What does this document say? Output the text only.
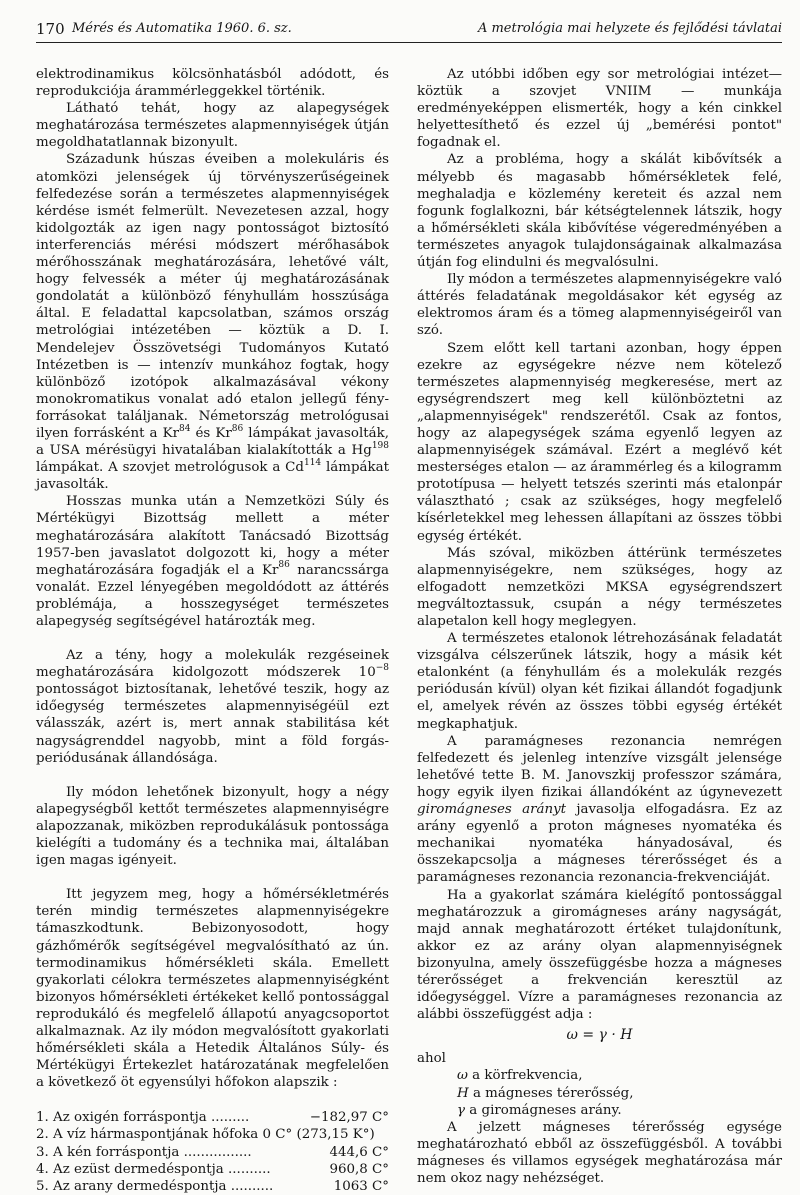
170 Mérés és Automatika 1960. 6. sz.	A metrológia mai helyzete és fejlődési távlatai

elektrodinamikus kölcsönhatásból adódott, és reprodukciója árammérleggekkel történik.

Látható tehát, hogy az alapegységek meghatározása természetes alapmennyiségek útján megoldhatatlannak bizonyult.

Századunk húszas éveiben a molekuláris és atomközi jelenségek új törvényszerűségeinek felfedezése során a természetes alapmennyiségek kérdése ismét felmerült. Nevezetesen azzal, hogy kidolgozták az igen nagy pontosságot biztosító interferenciás mérési módszert mérőhasábok mérőhosszának meghatározására, lehetővé vált, hogy felvessék a méter új meghatározásának gondolatát a különböző fényhullám hosszúsága által. E feladattal kapcsolatban, számos ország metrológiai intézetében — köztük a D. I. Mendelejev Összövetségi Tudományos Kutató Intézetben is — intenzív munkához fogtak, hogy különböző izotópok alkalmazásával vékony monokromatikus vonalat adó etalon jellegű fény-forrásokat találjanak. Németország metrológusai ilyen forrásként a Kr$^{84}$ és Kr$^{86}$ lámpákat javasolták, a USA mérésügyi hivatalában kialakították a Hg$^{198}$ lámpákat. A szovjet metrológusok a Cd$^{114}$ lámpákat javasolták.

Hosszas munka után a Nemzetközi Súly és Mértékügyi Bizottság mellett a méter meghatározására alakított Tanácsadó Bizottság 1957-ben javaslatot dolgozott ki, hogy a méter meghatározására fogadják el a Kr$^{86}$ narancssárga vonalát. Ezzel lényegében megoldódott az áttérés problémája, a hosszegységet természetes alapegység segítségével határozták meg.

Az a tény, hogy a molekulák rezgéseinek meghatározására kidolgozott módszerek $10^{-8}$ pontosságot biztosítanak, lehetővé teszik, hogy az időegység természetes alapmennyiségéül ezt válasszák, azért is, mert annak stabilitása két nagyságrenddel nagyobb, mint a föld forgás-periódusának állandósága.

Ily módon lehetőnek bizonyult, hogy a négy alapegységből kettőt természetes alapmennyiségre alapozzanak, miközben reprodukálásuk pontossága kielégíti a tudomány és a technika mai, általában igen magas igényeit.

Itt jegyzem meg, hogy a hőmérsékletmérés terén mindig természetes alapmennyiségekre támaszkodtunk. Bebizonyosodott, hogy gázhőmérők segítségével megvalósítható az ún. termodinamikus hőmérsékleti skála. Emellett gyakorlati célokra természetes alapmennyiségként bizonyos hőmérsékleti értékeket kellő pontossággal reprodukáló és megfelelő állapotú anyagcsoportot alkalmaznak. Az ily módon megvalósított gyakorlati hőmérsékleti skála a Hetedik Általános Súly- és Mértékügyi Értekezlet határozatának megfelelően a következő öt egyensúlyi hőfokon alapszik :

1. Az oxigén forráspontja .........	−182,97 C°
2. A víz hármaspontjának hőfoka 0 C° (273,15 K°)
3. A kén forráspontja ................	444,6 C°
4. Az ezüst dermedéspontja ..........	960,8 C°
5. Az arany dermedéspontja ..........	1063 C°

Az utóbbi időben egy sor metrológiai intézet—köztük a szovjet VNIIM — munkája eredményeképpen elismerték, hogy a kén cinkkel helyettesíthető és ezzel új „bemérési pontot" fogadnak el.

Az a probléma, hogy a skálát kibővítsék a mélyebb és magasabb hőmérsékletek felé, meghaladja e közlemény kereteit és azzal nem fogunk foglalkozni, bár kétségtelennek látszik, hogy a hőmérsékleti skála kibővítése végeredményében a természetes anyagok tulajdonságainak alkalmazása útján fog elindulni és megvalósulni.

Ily módon a természetes alapmennyiségekre való áttérés feladatának megoldásakor két egység az elektromos áram és a tömeg alapmennyiségeiről van szó.

Szem előtt kell tartani azonban, hogy éppen ezekre az egységekre nézve nem kötelező természetes alapmennyiség megkeresése, mert az egységrendszert meg kell különböztetni az „alapmennyiségek" rendszerétől. Csak az fontos, hogy az alapegységek száma egyenlő legyen az alapmennyiségek számával. Ezért a meglévő két mesterséges etalon — az árammérleg és a kilogramm prototípusa — helyett tetszés szerinti más etalonpár választható ; csak az szükséges, hogy megfelelő kísérletekkel meg lehessen állapítani az összes többi egység értékét.

Más szóval, miközben áttérünk természetes alapmennyiségekre, nem szükséges, hogy az elfogadott nemzetközi MKSA egységrendszert megváltoztassuk, csupán a négy természetes alapetalon kell hogy meglegyen.

A természetes etalonok létrehozásának feladatát vizsgálva célszerűnek látszik, hogy a másik két etalonként (a fényhullám és a molekulák rezgés periódusán kívül) olyan két fizikai állandót fogadjunk el, amelyek révén az összes többi egység értékét megkaphatjuk.

A paramágneses rezonancia nemrégen felfedezett és jelenleg intenzíve vizsgált jelensége lehetővé tette B. M. Janovszkij professzor számára, hogy egyik ilyen fizikai állandóként az úgynevezett giromágneses arányt javasolja elfogadásra. Ez az arány egyenlő a proton mágneses nyomatéka és mechanikai nyomatéka hányadosával, és összekapcsolja a mágneses térerősséget és a paramágneses rezonancia rezonancia-frekvenciáját.

Ha a gyakorlat számára kielégítő pontossággal meghatározzuk a giromágneses arány nagyságát, majd annak meghatározott értéket tulajdonítunk, akkor ez az arány olyan alapmennyiségnek bizonyulna, amely összefüggésbe hozza a mágneses térerősséget a frekvencián keresztül az időegységgel. Vízre a paramágneses rezonancia az alábbi összefüggést adja :

ω = γ · H
ahol
ω a körfrekvencia,
H a mágneses térerősség,
γ a giromágneses arány.

A jelzett mágneses térerősség egysége meghatározható ebből az összefüggésből. A további mágneses és villamos egységek meghatározása már nem okoz nagy nehézséget.
